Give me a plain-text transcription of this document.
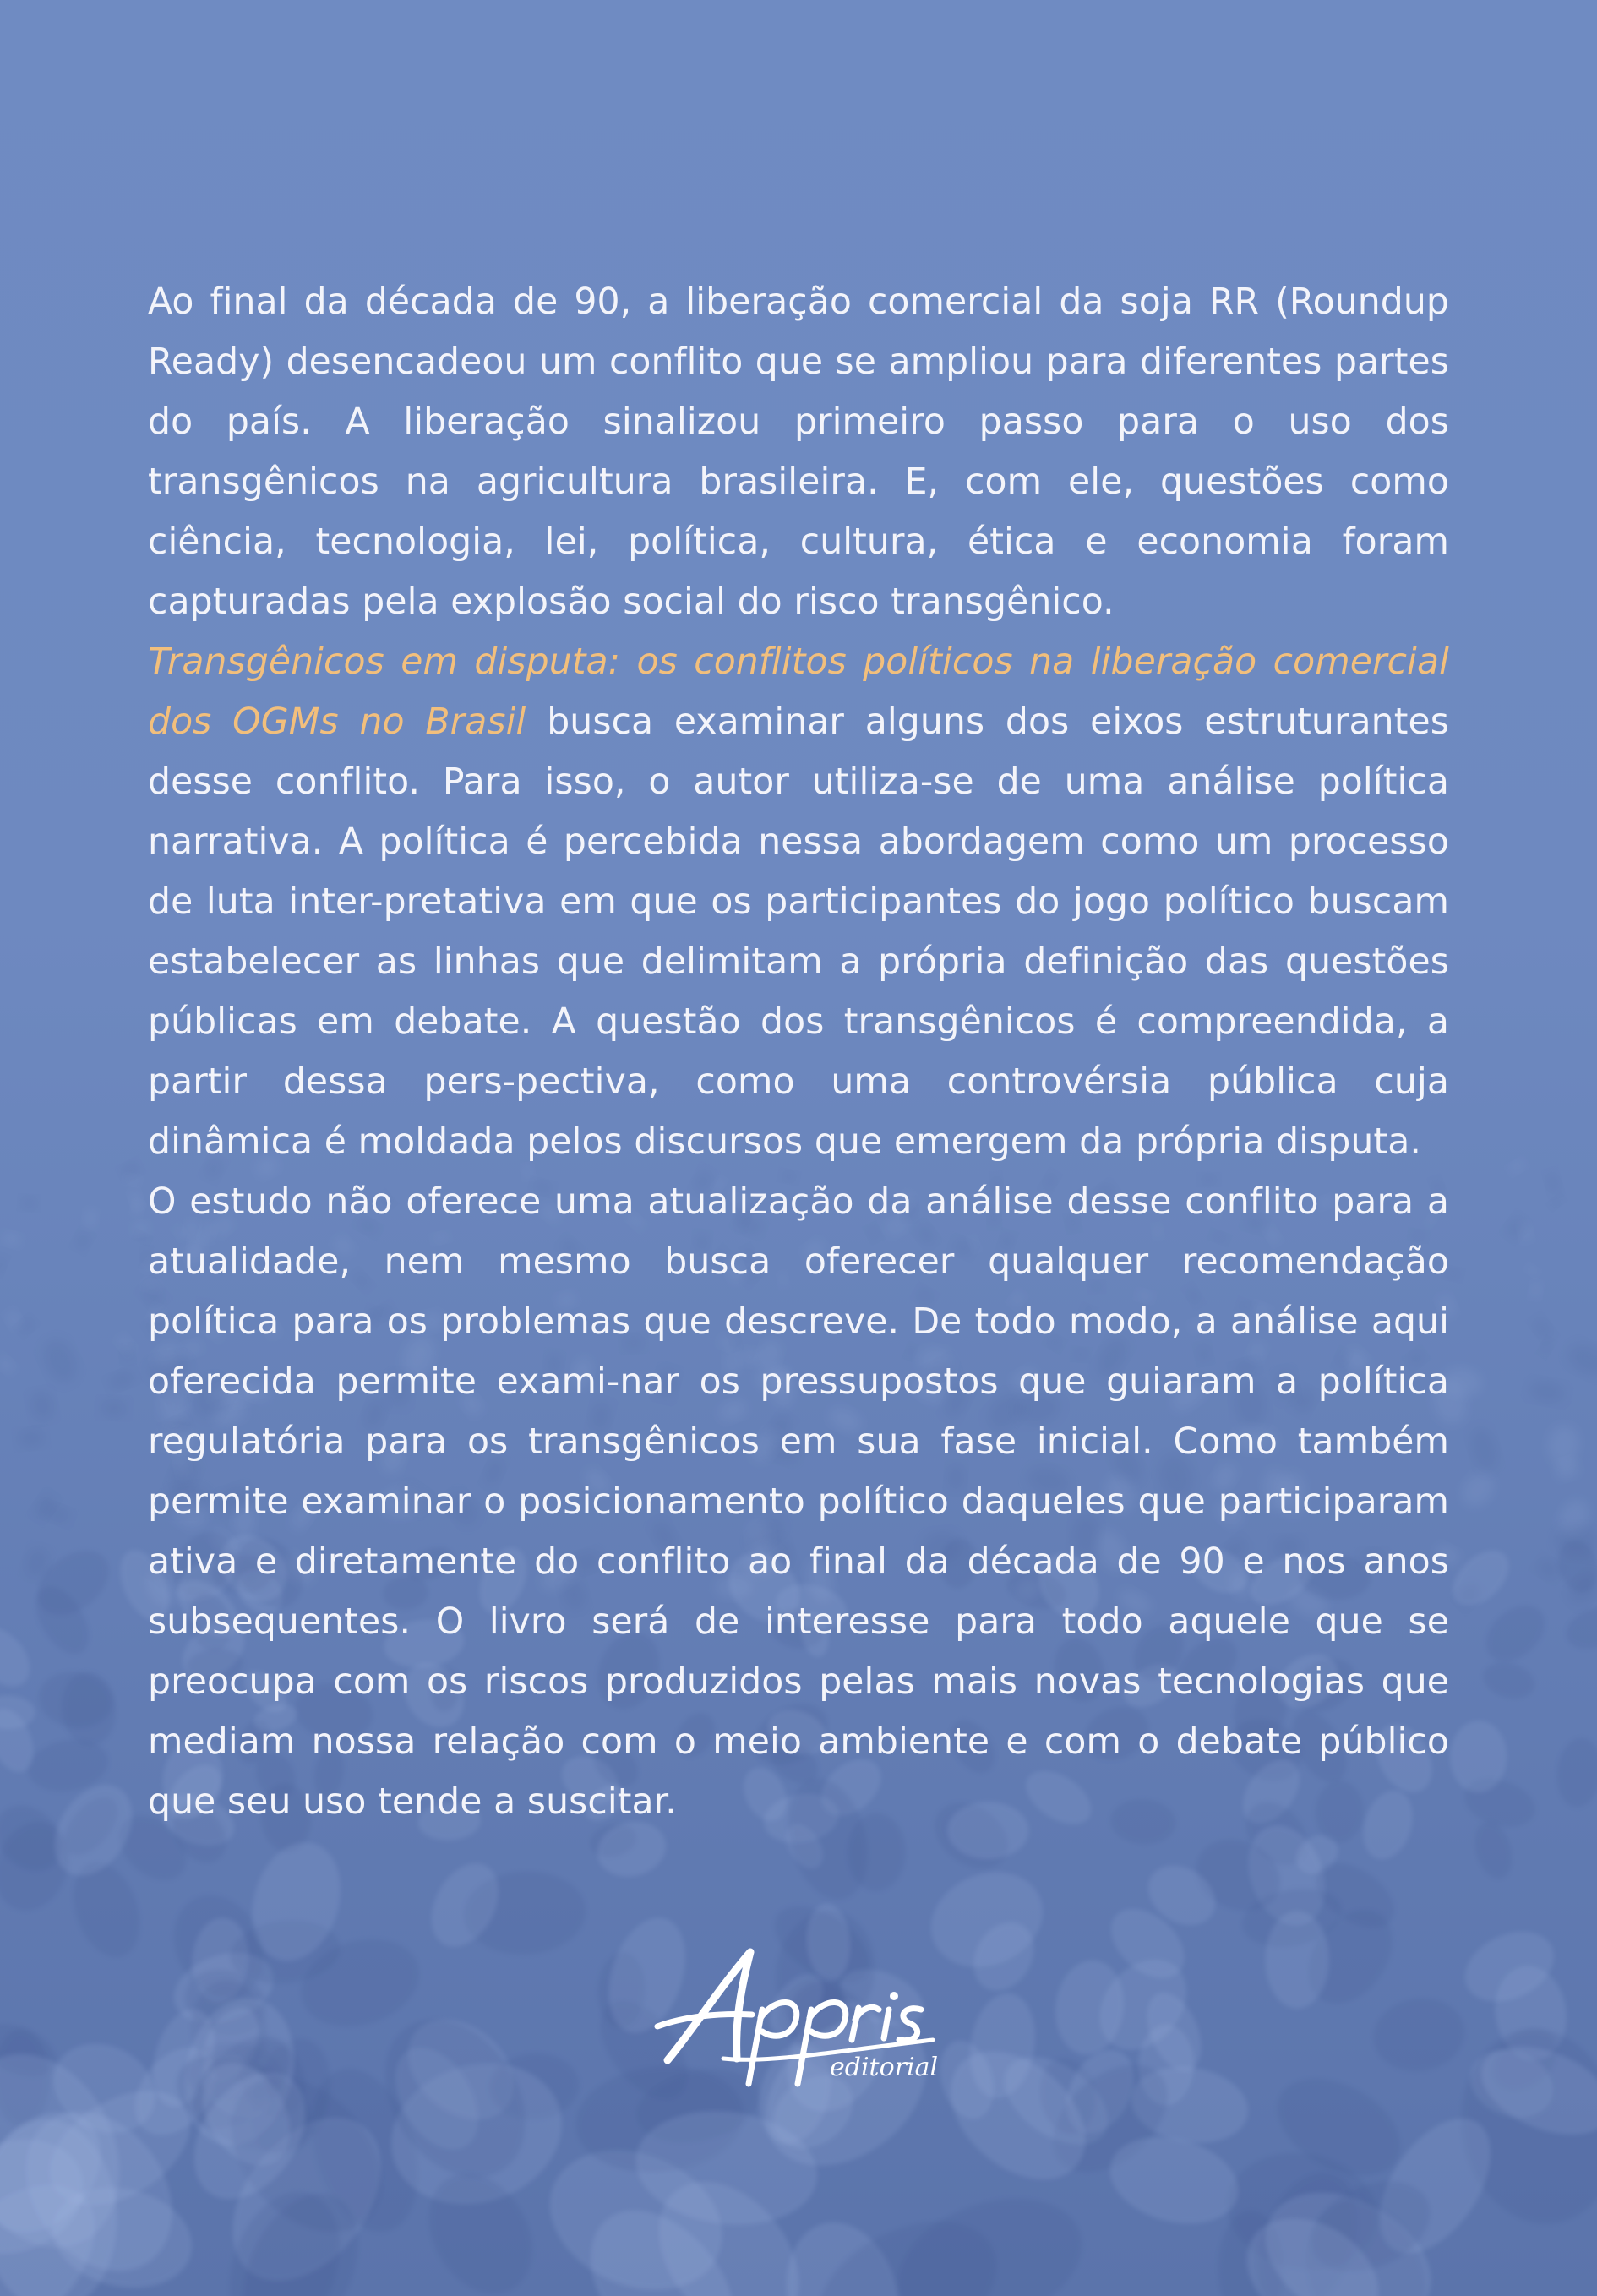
Ao final da década de 90, a liberação comercial da soja RR (Roundup Ready) desencadeou um conflito que se ampliou para diferentes partes do país. A liberação sinalizou primeiro passo para o uso dos transgênicos na agricultura brasileira. E, com ele, questões como ciência, tecnologia, lei, política, cultura, ética e economia foram capturadas pela explosão social do risco transgênico.

Transgênicos em disputa: os conflitos políticos na liberação comercial dos OGMs no Brasil busca examinar alguns dos eixos estruturantes desse conflito. Para isso, o autor utiliza-se de uma análise política narrativa. A política é percebida nessa abordagem como um processo de luta inter-pretativa em que os participantes do jogo político buscam estabelecer as linhas que delimitam a própria definição das questões públicas em debate. A questão dos transgênicos é compreendida, a partir dessa pers-pectiva, como uma controvérsia pública cuja dinâmica é moldada pelos discursos que emergem da própria disputa.

O estudo não oferece uma atualização da análise desse conflito para a atualidade, nem mesmo busca oferecer qualquer recomendação política para os problemas que descreve. De todo modo, a análise aqui oferecida permite exami-nar os pressupostos que guiaram a política regulatória para os transgênicos em sua fase inicial. Como também permite examinar o posicionamento político daqueles que participaram ativa e diretamente do conflito ao final da década de 90 e nos anos subsequentes. O livro será de interesse para todo aquele que se preocupa com os riscos produzidos pelas mais novas tecnologias que mediam nossa relação com o meio ambiente e com o debate público que seu uso tende a suscitar.

editorial
